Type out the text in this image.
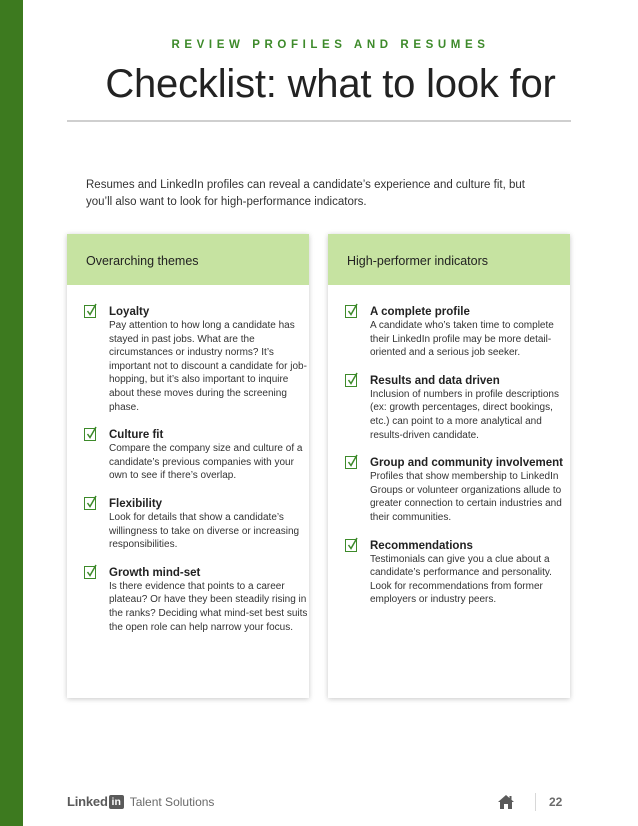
REVIEW PROFILES AND RESUMES
Checklist: what to look for

Resumes and LinkedIn profiles can reveal a candidate’s experience and culture fit, but you’ll also want to look for high-performance indicators.

Overarching themes
Loyalty
Pay attention to how long a candidate has stayed in past jobs. What are the circumstances or industry norms? It’s important not to discount a candidate for job-hopping, but it’s also important to inquire about these moves during the screening phase.
Culture fit
Compare the company size and culture of a candidate’s previous companies with your own to see if there’s overlap.
Flexibility
Look for details that show a candidate’s willingness to take on diverse or increasing responsibilities.
Growth mind-set
Is there evidence that points to a career plateau? Or have they been steadily rising in the ranks? Deciding what mind-set best suits the open role can help narrow your focus.
High-performer indicators
A complete profile
A candidate who’s taken time to complete their LinkedIn profile may be more detail-oriented and a serious job seeker.
Results and data driven
Inclusion of numbers in profile descriptions (ex: growth percentages, direct bookings, etc.) can point to a more analytical and results-driven candidate.
Group and community involvement
Profiles that show membership to LinkedIn Groups or volunteer organizations allude to greater connection to certain industries and their communities.
Recommendations
Testimonials can give you a clue about a candidate’s performance and personality. Look for recommendations from former employers or industry peers.
Linked in Talent Solutions	22
